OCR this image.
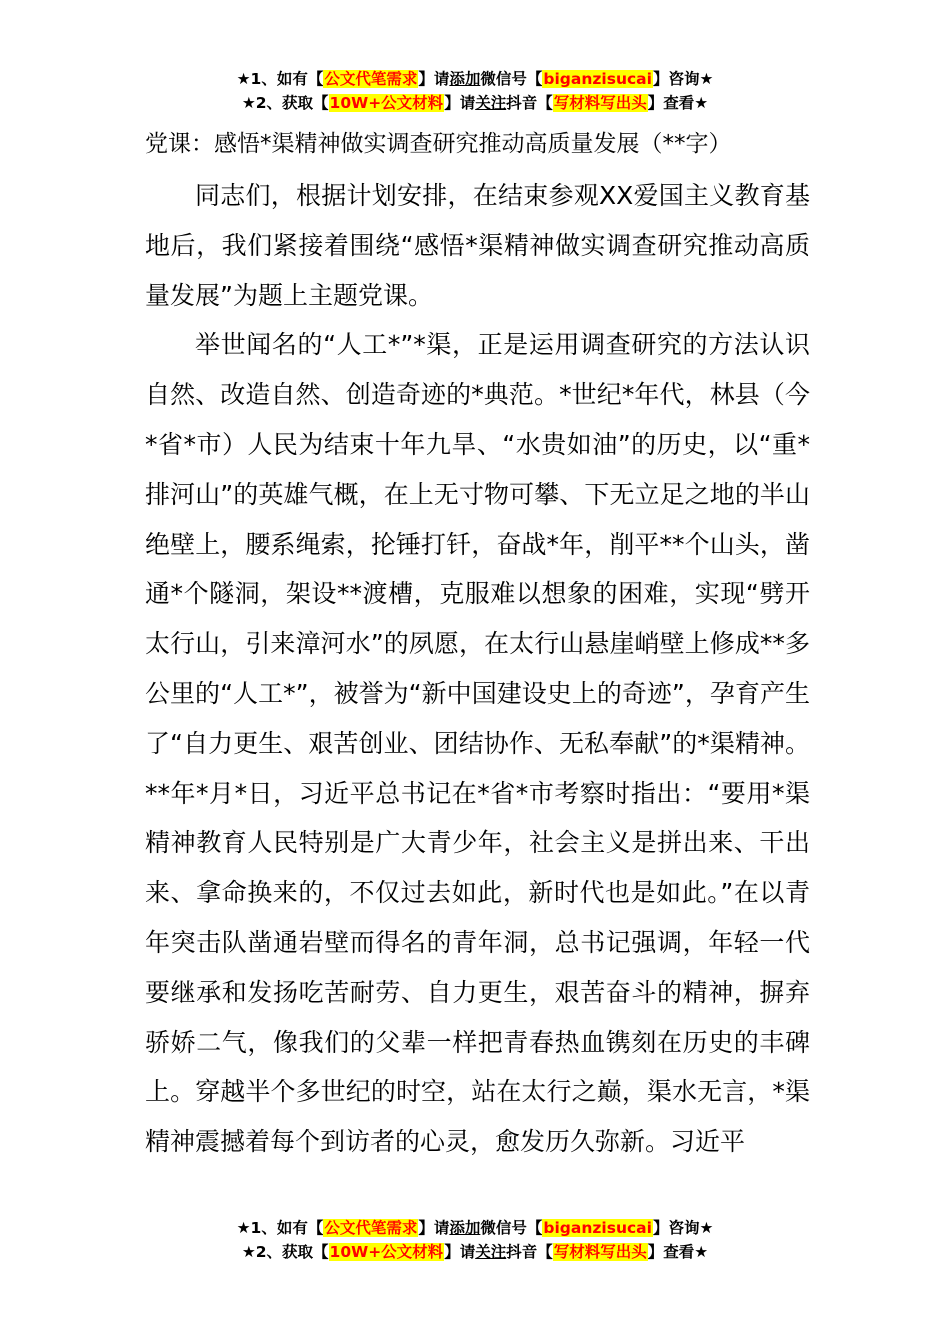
★1、如有【公文代笔需求】请添加微信号【biganzisucai】咨询★
★2、获取【10W+公文材料】请关注抖音【写材料写出头】查看★
党课：感悟*渠精神做实调查研究推动高质量发展（**字）

同志们，根据计划安排，在结束参观XX爱国主义教育基地后，我们紧接着围绕“感悟*渠精神做实调查研究推动高质量发展”为题上主题党课。

举世闻名的“人工*”*渠，正是运用调查研究的方法认识自然、改造自然、创造奇迹的*典范。*世纪*年代，林县（今*省*市）人民为结束十年九旱、“水贵如油”的历史，以“重*排河山”的英雄气概，在上无寸物可攀、下无立足之地的半山绝壁上，腰系绳索，抡锤打钎，奋战*年，削平**个山头，凿通*个隧洞，架设**渡槽，克服难以想象的困难，实现“劈开太行山，引来漳河水”的夙愿，在太行山悬崖峭壁上修成**多公里的“人工*”，被誉为“新中国建设史上的奇迹”，孕育产生了“自力更生、艰苦创业、团结协作、无私奉献”的*渠精神。**年*月*日，习近平总书记在*省*市考察时指出：“要用*渠精神教育人民特别是广大青少年，社会主义是拼出来、干出来、拿命换来的，不仅过去如此，新时代也是如此。”在以青年突击队凿通岩壁而得名的青年洞，总书记强调，年轻一代要继承和发扬吃苦耐劳、自力更生，艰苦奋斗的精神，摒弃骄娇二气，像我们的父辈一样把青春热血镌刻在历史的丰碑上。穿越半个多世纪的时空，站在太行之巅，渠水无言，*渠精神震撼着每个到访者的心灵，愈发历久弥新。习近平

★1、如有【公文代笔需求】请添加微信号【biganzisucai】咨询★
★2、获取【10W+公文材料】请关注抖音【写材料写出头】查看★
